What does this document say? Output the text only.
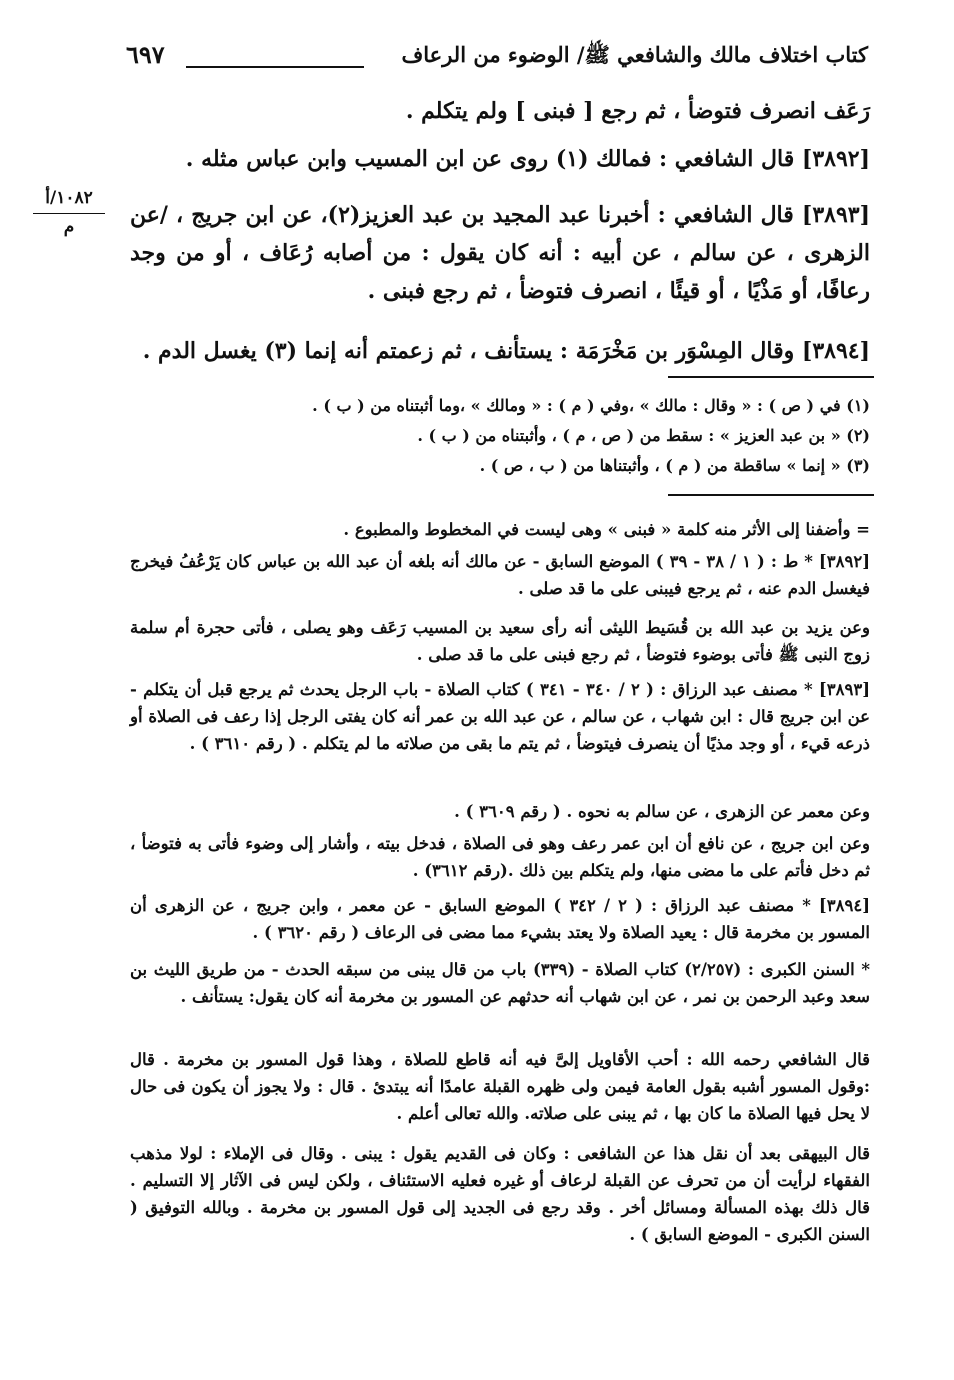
كتاب اختلاف مالك والشافعي ﷺ/ الوضوء من الرعاف
٦٩٧
١٠٨٢/أ
م
رَعَف انصرف فتوضأ ، ثم رجع [ فبنى ] ولم يتكلم .
[٣٨٩٢] قال الشافعي : فمالك (١) روى عن ابن المسيب وابن عباس مثله .
[٣٨٩٣] قال الشافعي : أخبرنا عبد المجيد بن عبد العزيز(٢)، عن ابن جريج ، /عن الزهرى ، عن سالم ، عن أبيه : أنه كان يقول : من أصابه رُعَاف ، أو من وجد رعافًا، أو مَذْيًا ، أو قيئًا ، انصرف فتوضأ ، ثم رجع فبنى .
[٣٨٩٤] وقال المِسْوَر بن مَخْرَمَة : يستأنف ، ثم زعمتم أنه إنما (٣) يغسل الدم .
(١) في ( ص ) : « وقال : مالك » ،وفي ( م ) : « ومالك » ،وما أثبتناه من ( ب ) .
(٢) « بن عبد العزيز » : سقط من ( ص ، م ) ، وأثبتناه من ( ب ) .
(٣) « إنما » ساقطة من ( م ) ، وأثبتناها من ( ب ، ص ) .
= وأضفنا إلى الأثر منه كلمة « فبنى » وهى ليست في المخطوط والمطبوع .
[٣٨٩٢] * ط : ( ١ / ٣٨ - ٣٩ ) الموضع السابق - عن مالك أنه بلغه أن عبد الله بن عباس كان يَرْعُفُ فيخرج فيغسل الدم عنه ، ثم يرجع فيبنى على ما قد صلى .
وعن يزيد بن عبد الله بن قُسَيط الليثى أنه رأى سعيد بن المسيب رَعَف وهو يصلى ، فأتى حجرة أم سلمة زوج النبى ﷺ فأتى بوضوء فتوضأ ، ثم رجع فبنى على ما قد صلى .
[٣٨٩٣] * مصنف عبد الرزاق : ( ٢ / ٣٤٠ - ٣٤١ ) كتاب الصلاة - باب الرجل يحدث ثم يرجع قبل أن يتكلم - عن ابن جريج قال : ابن شهاب ، عن سالم ، عن عبد الله بن عمر أنه كان يفتى الرجل إذا رعف فى الصلاة أو ذرعه قيء ، أو وجد مذيًا أن ينصرف فيتوضأ ، ثم يتم ما بقى من صلاته ما لم يتكلم . ( رقم ٣٦١٠ ) .
وعن معمر عن الزهرى ، عن سالم به نحوه . ( رقم ٣٦٠٩ ) .
وعن ابن جريج ، عن نافع أن ابن عمر رعف وهو فى الصلاة ، فدخل بيته ، وأشار إلى وضوء فأتى به فتوضأ ، ثم دخل فأتم على ما مضى منها، ولم يتكلم بين ذلك .(رقم ٣٦١٢) .
[٣٨٩٤] * مصنف عبد الرزاق : ( ٢ / ٣٤٢ ) الموضع السابق - عن معمر ، وابن جريج ، عن الزهرى أن المسور بن مخرمة قال : يعيد الصلاة ولا يعتد بشيء مما مضى فى الرعاف ( رقم ٣٦٢٠ ) .
* السنن الكبرى : (٢/٢٥٧) كتاب الصلاة - (٣٣٩) باب من قال يبنى من سبقه الحدث - من طريق الليث بن سعد وعبد الرحمن بن نمر ، عن ابن شهاب أنه حدثهم عن المسور بن مخرمة أنه كان يقول: يستأنف .
قال الشافعي رحمه الله : أحب الأقاويل إلىَّ فيه أنه قاطع للصلاة ، وهذا قول المسور بن مخرمة . قال :وقول المسور أشبه بقول العامة فيمن ولى ظهره القبلة عامدًا أنه يبتدئ . قال : ولا يجوز أن يكون فى حال لا يحل فيها الصلاة ما كان بها ، ثم يبنى على صلاته. والله تعالى أعلم .
قال البيهقى بعد أن نقل هذا عن الشافعى : وكان فى القديم يقول : يبنى . وقال فى الإملاء : لولا مذهب الفقهاء لرأيت أن من تحرف عن القبلة لرعاف أو غيره فعليه الاستئناف ، ولكن ليس فى الآثار إلا التسليم . قال ذلك بهذه المسألة ومسائل أخر . وقد رجع فى الجديد إلى قول المسور بن مخرمة . وبالله التوفيق ( السنن الكبرى - الموضع السابق ) .
